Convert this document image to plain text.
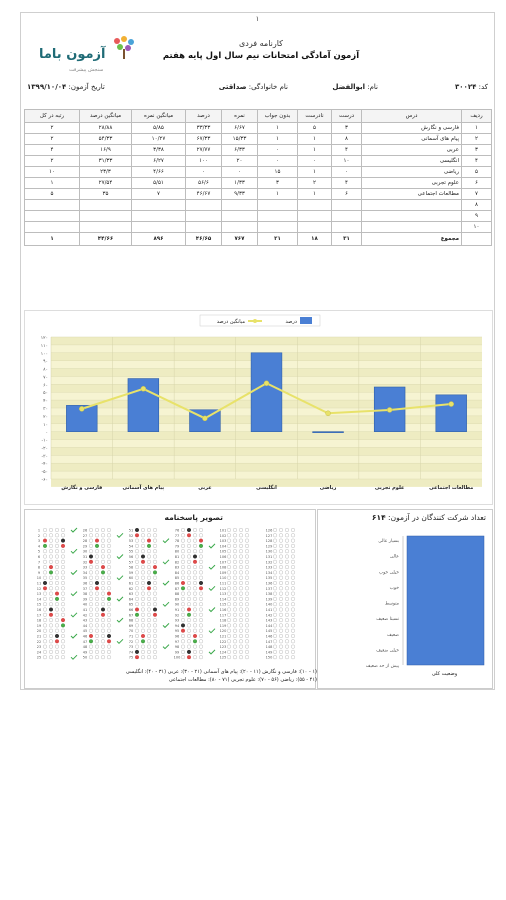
۱
آزمون باما
سنجش پیشرفت
کارنامه فردی
آزمون آمادگی امتحانات نیم سال اول پایه هفتم
کد: ۳۰۰۲۴
نام: ابوالفضل
نام خانوادگی: صداقتی
تاریخ آزمون: ۱۳۹۹/۱۰/۰۴
ردیف	درس	درست	نادرست	بدون جواب	نمره	درصد	میانگین نمره	میانگین درصد	رتبه در کل
۱	فارسی و نگارش	۳	۵	۱	۶/۶۷	۳۳/۳۳	۵/۸۵	۲۸/۸۸	۲
۲	پیام های آسمانی	۸	۱	۱	۱۵/۳۳	۶۷/۳۳	۱۰/۲۷	۵۴/۳۳	۲
۳	عربی	۴	۱	۰	۶/۳۳	۲۷/۷۷	۳/۳۸	۱۶/۹	۴
۴	انگلیسی	۱۰	۰	۰	۲۰	۱۰۰	۶/۲۷	۳۱/۳۳	۲
۵	ریاضی	۰	۱	۱۵	۰	۰	۴/۶۶	۲۳/۳	۱۰
۶	علوم تجربی	۴	۲	۳	۱/۳۳	۵۶/۶	۵/۵۱	۲۷/۵۴	۱
۷	مطالعات اجتماعی	۶	۱	۱	۹/۳۳	۴۶/۶۷	۷	۳۵	۵
۸									
۹									
۱۰									
	مجموع	۳۱	۱۸	۲۱	۷۶۷	۴۶/۶۵	۸۹۶	۴۴/۶۶	۱
۱۲۰
۱۱۰
۱۰۰
۹۰
۸۰
۷۰
۶۰
۵۰
۴۰
۳۰
۲۰
۱۰
۰
-۱۰
-۲۰
-۳۰
-۴۰
-۵۰
-۶۰
فارسی و نگارش	پیام های آسمانی	عربی	انگلیسی	ریاضی	علوم تجربی	مطالعات اجتماعی
درصد
میانگین درصد
تصویر پاسخنامه
1
2
3
4
5
6
7
8
9
10
11
12
13
14
15
16
17
18
19
20
21
22
23
24
25
26
27
28
29
30
31
32
33
34
35
36
37
38
39
40
41
42
43
44
45
46
47
48
49
50
51
52
53
54
55
56
57
58
59
60
61
62
63
64
65
66
67
68
69
70
71
72
73
74
75
76
77
78
79
80
81
82
83
84
85
86
87
88
89
90
91
92
93
94
95
96
97
98
99
100
101
102
103
104
105
106
107
108
109
110
111
112
113
114
115
116
117
118
119
120
121
122
123
124
125
126
127
128
129
130
131
132
133
134
135
136
137
138
139
140
141
142
143
144
145
146
147
148
149
150
تعداد شرکت کنندگان در آزمون: ۶۱۴
بسیار عالی
عالی
خیلی خوب
خوب
متوسط
نسبتا ضعیف
ضعیف
خیلی ضعیف
پیش از حد ضعیف
وضعیت کلی
(۱ - ۱۰): فارسی و نگارش (۱۱ - ۲۰): پیام های آسمانی (۲۱ - ۳۰): عربی (۳۱ - ۴۰): انگلیسی
(۴۱ - ۵۵): ریاضی (۵۶ - ۷۰): علوم تجربی (۷۱ - ۸۰): مطالعات اجتماعی
